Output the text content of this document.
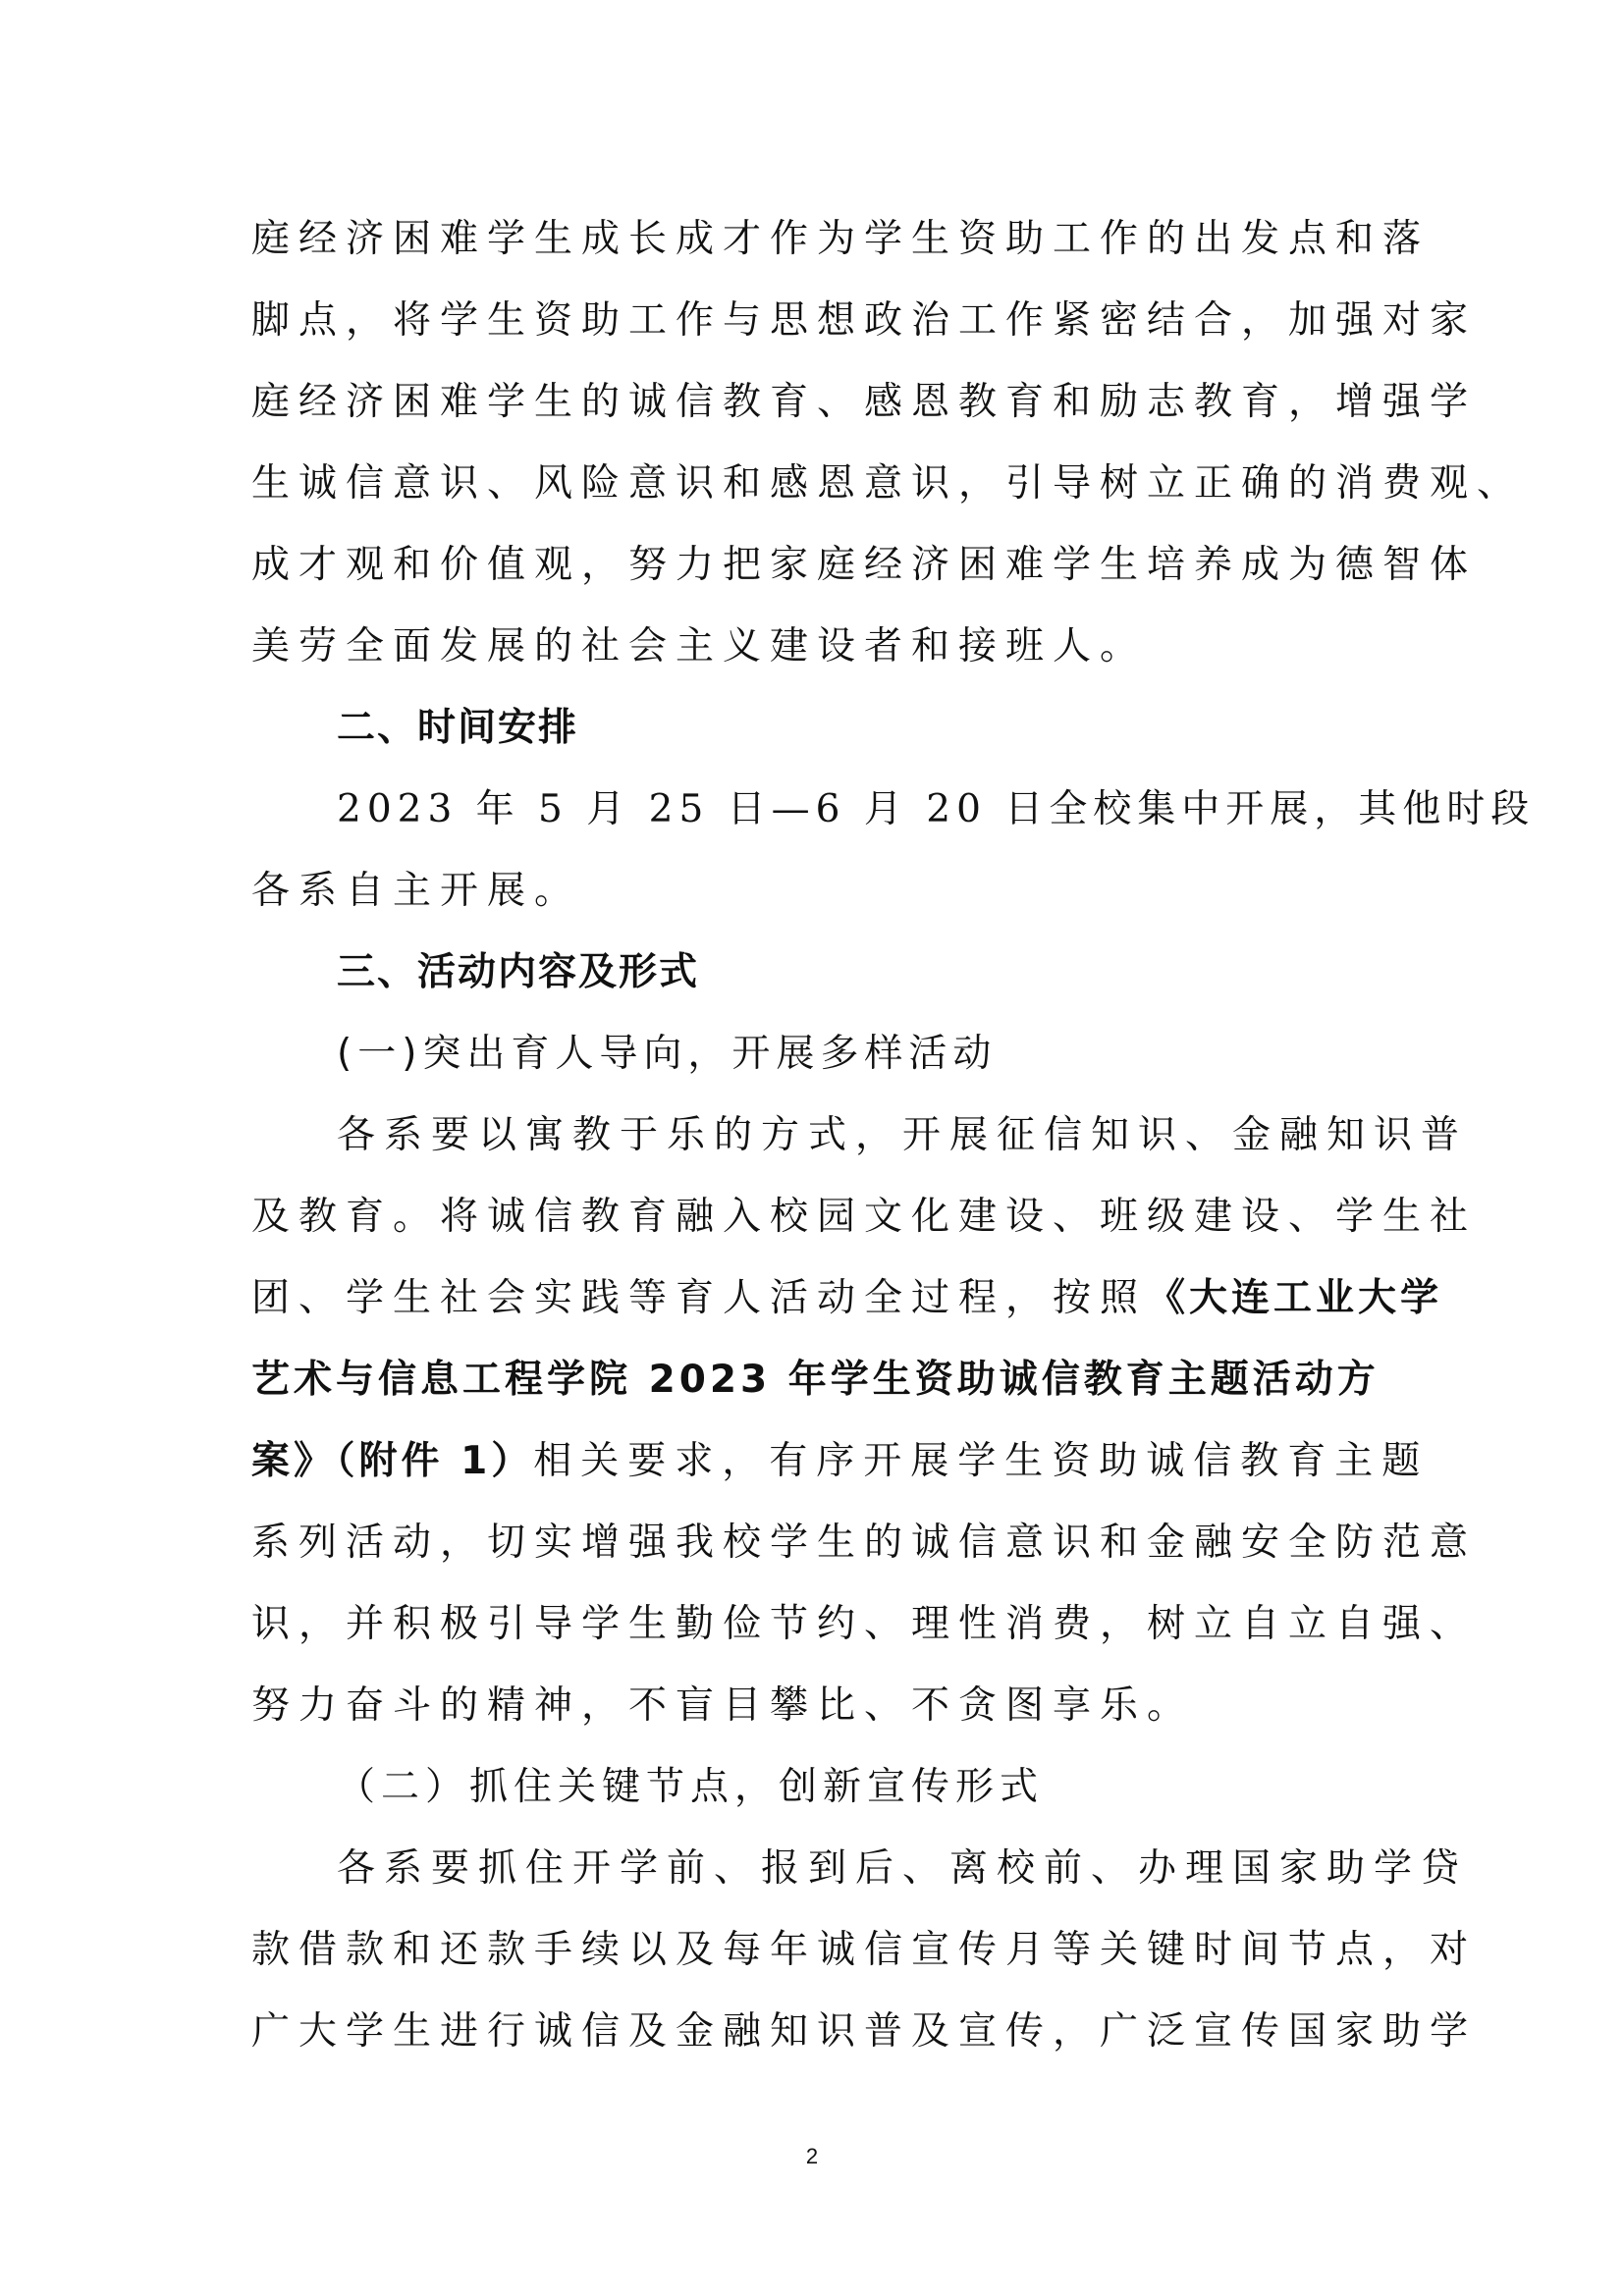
庭经济困难学生成长成才作为学生资助工作的出发点和落
脚点，将学生资助工作与思想政治工作紧密结合，加强对家
庭经济困难学生的诚信教育、感恩教育和励志教育，增强学
生诚信意识、风险意识和感恩意识，引导树立正确的消费观、
成才观和价值观，努力把家庭经济困难学生培养成为德智体
美劳全面发展的社会主义建设者和接班人。
二、时间安排
2023 年 5 月 25 日—6 月 20 日全校集中开展，其他时段
各系自主开展。
三、活动内容及形式
(一)突出育人导向，开展多样活动
各系要以寓教于乐的方式，开展征信知识、金融知识普
及教育。将诚信教育融入校园文化建设、班级建设、学生社
团、学生社会实践等育人活动全过程，按照《大连工业大学
艺术与信息工程学院 2023 年学生资助诚信教育主题活动方
案》（附件 1）相关要求，有序开展学生资助诚信教育主题
系列活动，切实增强我校学生的诚信意识和金融安全防范意
识，并积极引导学生勤俭节约、理性消费，树立自立自强、
努力奋斗的精神，不盲目攀比、不贪图享乐。
（二）抓住关键节点，创新宣传形式
各系要抓住开学前、报到后、离校前、办理国家助学贷
款借款和还款手续以及每年诚信宣传月等关键时间节点，对
广大学生进行诚信及金融知识普及宣传，广泛宣传国家助学
2
